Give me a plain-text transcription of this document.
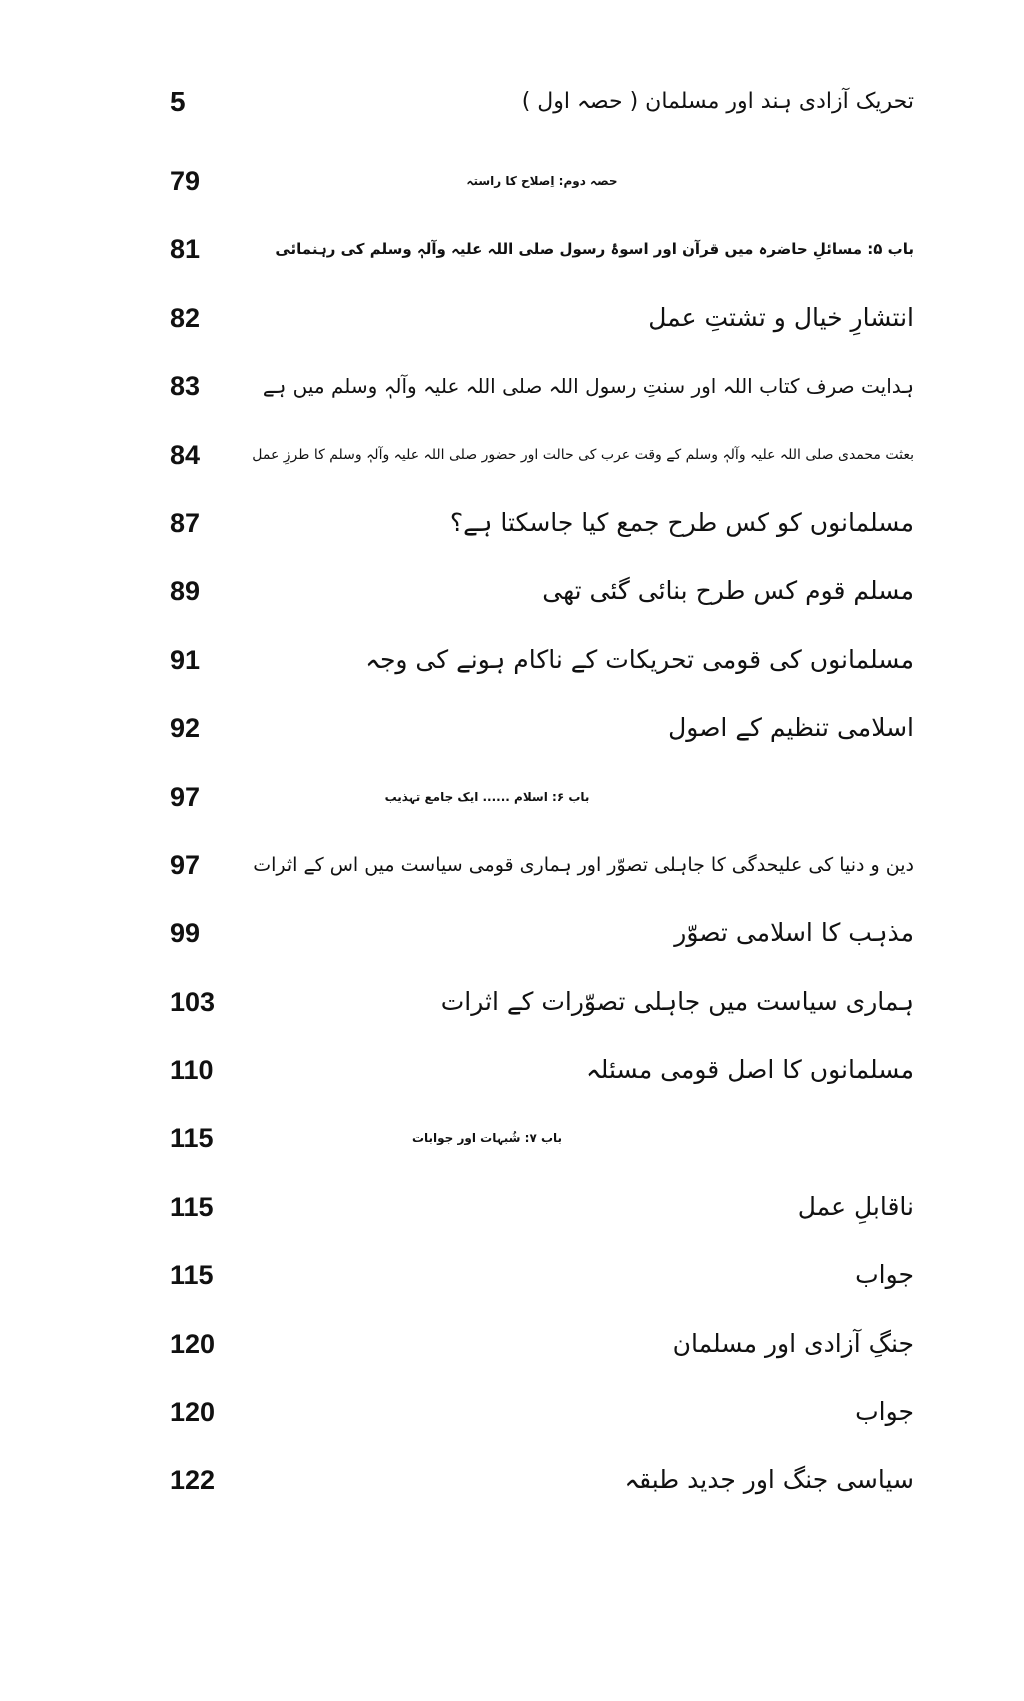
5	تحریک آزادی ہند اور مسلمان ( حصہ اول )
79	حصہ دوم: اِصلاح کا راستہ
81	باب ۵: مسائلِ حاضرہ میں قرآن اور اسوۂ رسول صلی اللہ علیہ وآلہٖ وسلم کی رہنمائی
82	انتشارِ خیال و تشتتِ عمل
83	ہدایت صرف کتاب اللہ اور سنتِ رسول اللہ صلی اللہ علیہ وآلہٖ وسلم میں ہے
84	بعثت محمدی صلی اللہ علیہ وآلہٖ وسلم کے وقت عرب کی حالت اور حضور صلی اللہ علیہ وآلہٖ وسلم کا طرزِ عمل
87	مسلمانوں کو کس طرح جمع کیا جاسکتا ہے؟
89	مسلم قوم کس طرح بنائی گئی تھی
91	مسلمانوں کی قومی تحریکات کے ناکام ہونے کی وجہ
92	اسلامی تنظیم کے اصول
97	باب ۶: اسلام ...... ایک جامع تہذیب
97	دین و دنیا کی علیحدگی کا جاہلی تصوّر اور ہماری قومی سیاست میں اس کے اثرات
99	مذہب کا اسلامی تصوّر
103	ہماری سیاست میں جاہلی تصوّرات کے اثرات
110	مسلمانوں کا اصل قومی مسئلہ
115	باب ۷: شُبہات اور جوابات
115	ناقابلِ عمل
115	جواب
120	جنگِ آزادی اور مسلمان
120	جواب
122	سیاسی جنگ اور جدید طبقہ
